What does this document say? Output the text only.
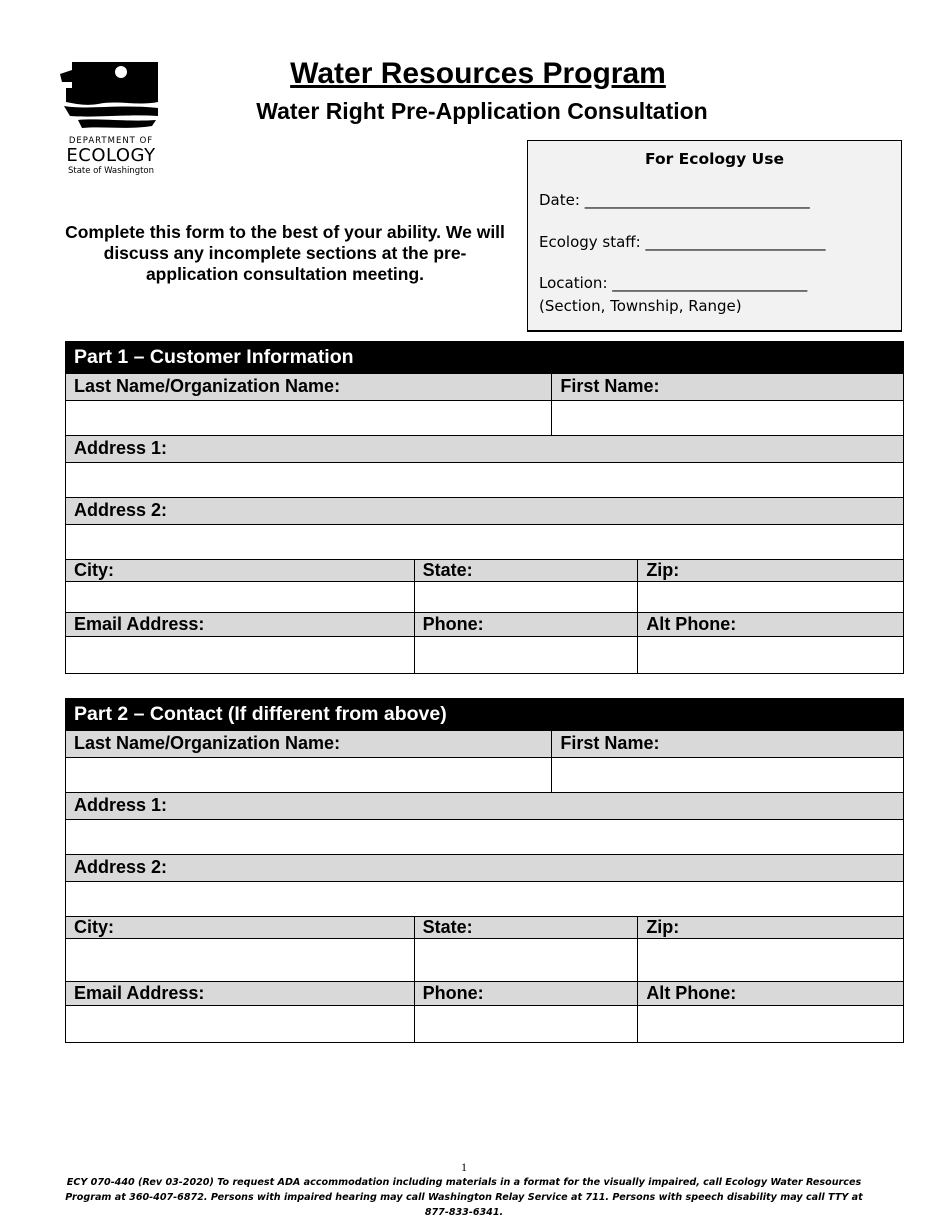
DEPARTMENT OF
ECOLOGY
State of Washington
Water Resources Program
Water Right Pre-Application Consultation
Complete this form to the best of your ability. We will discuss any incomplete sections at the pre-application consultation meeting.
For Ecology Use
Date: ______________________________
Ecology staff: ________________________
Location: __________________________
(Section, Township, Range)
Part 1 – Customer Information
Last Name/Organization Name:	First Name:
Address 1:
Address 2:
City:	State:	Zip:
Email Address:	Phone:	Alt Phone:
Part 2 – Contact (If different from above)
Last Name/Organization Name:	First Name:
Address 1:
Address 2:
City:	State:	Zip:
Email Address:	Phone:	Alt Phone:
1
ECY 070-440 (Rev 03-2020) To request ADA accommodation including materials in a format for the visually impaired, call Ecology Water Resources Program at 360-407-6872. Persons with impaired hearing may call Washington Relay Service at 711. Persons with speech disability may call TTY at 877-833-6341.
